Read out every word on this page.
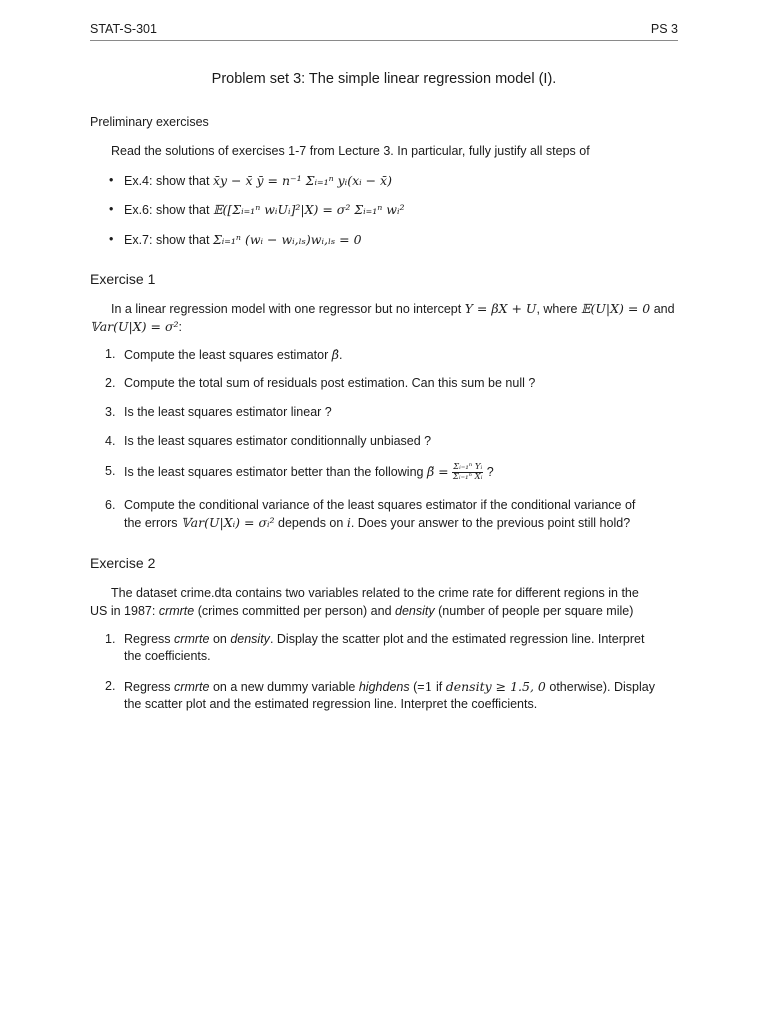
STAT-S-301	PS 3
Problem set 3: The simple linear regression model (I).
Preliminary exercises
Read the solutions of exercises 1-7 from Lecture 3. In particular, fully justify all steps of
• Ex.4: show that x̄y − x̄ ȳ = n⁻¹ Σᵢ₌₁ⁿ yᵢ(xᵢ − x̄)
• Ex.6: show that 𝔼([Σᵢ₌₁ⁿ wᵢUᵢ]²|X) = σ² Σᵢ₌₁ⁿ wᵢ²
• Ex.7: show that Σᵢ₌₁ⁿ (wᵢ − wᵢ,ₗₛ)wᵢ,ₗₛ = 0
Exercise 1
In a linear regression model with one regressor but no intercept Y = βX + U, where 𝔼(U|X) = 0 and 𝕍ar(U|X) = σ²:
1. Compute the least squares estimator β̂.
2. Compute the total sum of residuals post estimation. Can this sum be null ?
3. Is the least squares estimator linear ?
4. Is the least squares estimator conditionnally unbiased ?
5. Is the least squares estimator better than the following β̃ = $\frac{\text{Σᵢ₌₁ⁿ Yᵢ}}{\text{Σᵢ₌₁ⁿ Xᵢ}}$ ?
6. Compute the conditional variance of the least squares estimator if the conditional variance of
the errors 𝕍ar(U|Xᵢ) = σᵢ² depends on i. Does your answer to the previous point still hold?
Exercise 2
The dataset crime.dta contains two variables related to the crime rate for different regions in the
US in 1987: crmrte (crimes committed per person) and density (number of people per square mile)
1. Regress crmrte on density. Display the scatter plot and the estimated regression line. Interpret
the coefficients.
2. Regress crmrte on a new dummy variable highdens (=1 if density ≥ 1.5, 0 otherwise). Display
the scatter plot and the estimated regression line. Interpret the coefficients.
